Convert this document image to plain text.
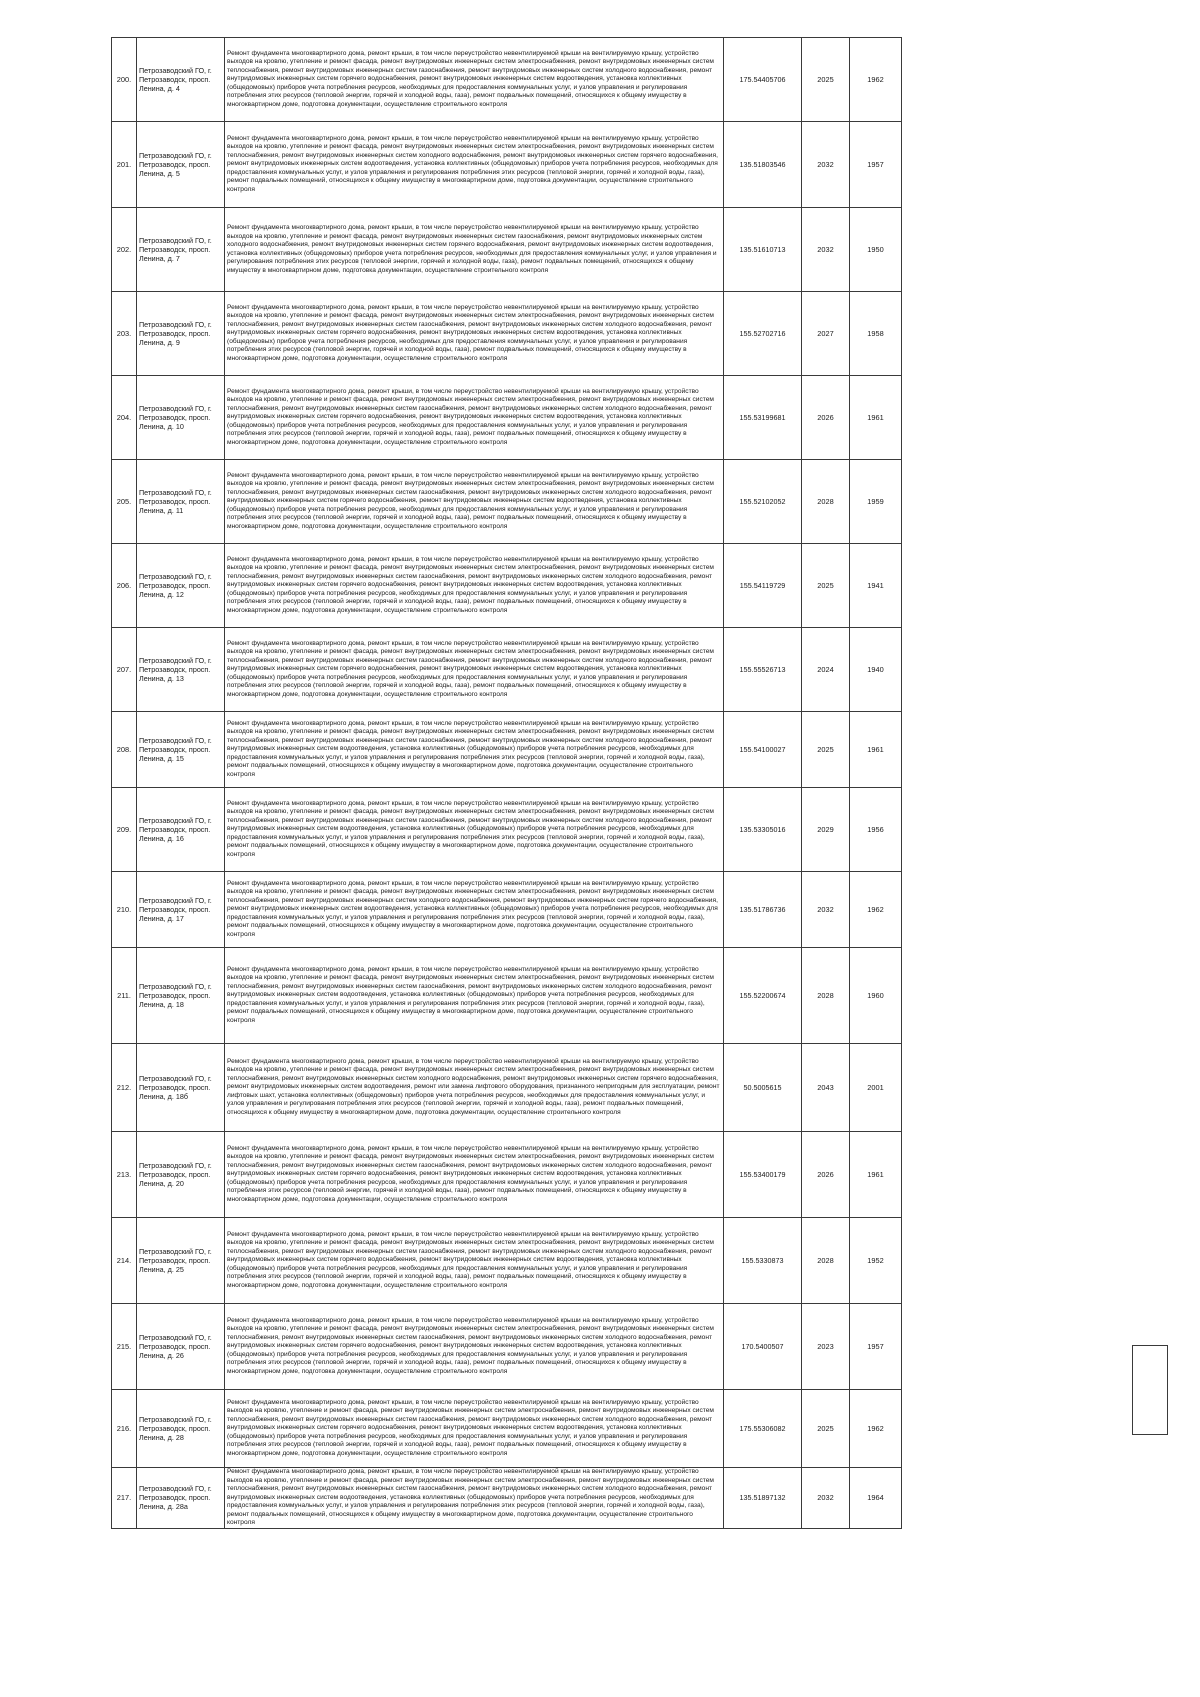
200.	Петрозаводский ГО, г. Петрозаводск, просп. Ленина, д. 4	Ремонт фундамента многоквартирного дома, ремонт крыши, в том числе переустройство невентилируемой крыши на вентилируемую крышу, устройство выходов на кровлю, утепление и ремонт фасада, ремонт внутридомовых инженерных систем электроснабжения, ремонт внутридомовых инженерных систем теплоснабжения, ремонт внутридомовых инженерных систем газоснабжения, ремонт внутридомовых инженерных систем холодного водоснабжения, ремонт внутридомовых инженерных систем горячего водоснабжения, ремонт внутридомовых инженерных систем водоотведения, установка коллективных (общедомовых) приборов учета потребления ресурсов, необходимых для предоставления коммунальных услуг, и узлов управления и регулирования потребления этих ресурсов (тепловой энергии, горячей и холодной воды, газа), ремонт подвальных помещений, относящихся к общему имуществу в многоквартирном доме, подготовка документации, осуществление строительного контроля	175.54405706	2025	1962
201.	Петрозаводский ГО, г. Петрозаводск, просп. Ленина, д. 5	Ремонт фундамента многоквартирного дома, ремонт крыши, в том числе переустройство невентилируемой крыши на вентилируемую крышу, устройство выходов на кровлю, утепление и ремонт фасада, ремонт внутридомовых инженерных систем электроснабжения, ремонт внутридомовых инженерных систем теплоснабжения, ремонт внутридомовых инженерных систем холодного водоснабжения, ремонт внутридомовых инженерных систем горячего водоснабжения, ремонт внутридомовых инженерных систем водоотведения, установка коллективных (общедомовых) приборов учета потребления ресурсов, необходимых для предоставления коммунальных услуг, и узлов управления и регулирования потребления этих ресурсов (тепловой энергии, горячей и холодной воды, газа), ремонт подвальных помещений, относящихся к общему имуществу в многоквартирном доме, подготовка документации, осуществление строительного контроля	135.51803546	2032	1957
202.	Петрозаводский ГО, г. Петрозаводск, просп. Ленина, д. 7	Ремонт фундамента многоквартирного дома, ремонт крыши, в том числе переустройство невентилируемой крыши на вентилируемую крышу, устройство выходов на кровлю, утепление и ремонт фасада, ремонт внутридомовых инженерных систем газоснабжения, ремонт внутридомовых инженерных систем холодного водоснабжения, ремонт внутридомовых инженерных систем горячего водоснабжения, ремонт внутридомовых инженерных систем водоотведения, установка коллективных (общедомовых) приборов учета потребления ресурсов, необходимых для предоставления коммунальных услуг, и узлов управления и регулирования потребления этих ресурсов (тепловой энергии, горячей и холодной воды, газа), ремонт подвальных помещений, относящихся к общему имуществу в многоквартирном доме, подготовка документации, осуществление строительного контроля	135.51610713	2032	1950
203.	Петрозаводский ГО, г. Петрозаводск, просп. Ленина, д. 9	Ремонт фундамента многоквартирного дома, ремонт крыши, в том числе переустройство невентилируемой крыши на вентилируемую крышу, устройство выходов на кровлю, утепление и ремонт фасада, ремонт внутридомовых инженерных систем электроснабжения, ремонт внутридомовых инженерных систем теплоснабжения, ремонт внутридомовых инженерных систем газоснабжения, ремонт внутридомовых инженерных систем холодного водоснабжения, ремонт внутридомовых инженерных систем горячего водоснабжения, ремонт внутридомовых инженерных систем водоотведения, установка коллективных (общедомовых) приборов учета потребления ресурсов, необходимых для предоставления коммунальных услуг, и узлов управления и регулирования потребления этих ресурсов (тепловой энергии, горячей и холодной воды, газа), ремонт подвальных помещений, относящихся к общему имуществу в многоквартирном доме, подготовка документации, осуществление строительного контроля	155.52702716	2027	1958
204.	Петрозаводский ГО, г. Петрозаводск, просп. Ленина, д. 10	Ремонт фундамента многоквартирного дома, ремонт крыши, в том числе переустройство невентилируемой крыши на вентилируемую крышу, устройство выходов на кровлю, утепление и ремонт фасада, ремонт внутридомовых инженерных систем электроснабжения, ремонт внутридомовых инженерных систем теплоснабжения, ремонт внутридомовых инженерных систем газоснабжения, ремонт внутридомовых инженерных систем холодного водоснабжения, ремонт внутридомовых инженерных систем горячего водоснабжения, ремонт внутридомовых инженерных систем водоотведения, установка коллективных (общедомовых) приборов учета потребления ресурсов, необходимых для предоставления коммунальных услуг, и узлов управления и регулирования потребления этих ресурсов (тепловой энергии, горячей и холодной воды, газа), ремонт подвальных помещений, относящихся к общему имуществу в многоквартирном доме, подготовка документации, осуществление строительного контроля	155.53199681	2026	1961
205.	Петрозаводский ГО, г. Петрозаводск, просп. Ленина, д. 11	Ремонт фундамента многоквартирного дома, ремонт крыши, в том числе переустройство невентилируемой крыши на вентилируемую крышу, устройство выходов на кровлю, утепление и ремонт фасада, ремонт внутридомовых инженерных систем электроснабжения, ремонт внутридомовых инженерных систем теплоснабжения, ремонт внутридомовых инженерных систем газоснабжения, ремонт внутридомовых инженерных систем холодного водоснабжения, ремонт внутридомовых инженерных систем горячего водоснабжения, ремонт внутридомовых инженерных систем водоотведения, установка коллективных (общедомовых) приборов учета потребления ресурсов, необходимых для предоставления коммунальных услуг, и узлов управления и регулирования потребления этих ресурсов (тепловой энергии, горячей и холодной воды, газа), ремонт подвальных помещений, относящихся к общему имуществу в многоквартирном доме, подготовка документации, осуществление строительного контроля	155.52102052	2028	1959
206.	Петрозаводский ГО, г. Петрозаводск, просп. Ленина, д. 12	Ремонт фундамента многоквартирного дома, ремонт крыши, в том числе переустройство невентилируемой крыши на вентилируемую крышу, устройство выходов на кровлю, утепление и ремонт фасада, ремонт внутридомовых инженерных систем электроснабжения, ремонт внутридомовых инженерных систем теплоснабжения, ремонт внутридомовых инженерных систем газоснабжения, ремонт внутридомовых инженерных систем холодного водоснабжения, ремонт внутридомовых инженерных систем горячего водоснабжения, ремонт внутридомовых инженерных систем водоотведения, установка коллективных (общедомовых) приборов учета потребления ресурсов, необходимых для предоставления коммунальных услуг, и узлов управления и регулирования потребления этих ресурсов (тепловой энергии, горячей и холодной воды, газа), ремонт подвальных помещений, относящихся к общему имуществу в многоквартирном доме, подготовка документации, осуществление строительного контроля	155.54119729	2025	1941
207.	Петрозаводский ГО, г. Петрозаводск, просп. Ленина, д. 13	Ремонт фундамента многоквартирного дома, ремонт крыши, в том числе переустройство невентилируемой крыши на вентилируемую крышу, устройство выходов на кровлю, утепление и ремонт фасада, ремонт внутридомовых инженерных систем электроснабжения, ремонт внутридомовых инженерных систем теплоснабжения, ремонт внутридомовых инженерных систем газоснабжения, ремонт внутридомовых инженерных систем холодного водоснабжения, ремонт внутридомовых инженерных систем горячего водоснабжения, ремонт внутридомовых инженерных систем водоотведения, установка коллективных (общедомовых) приборов учета потребления ресурсов, необходимых для предоставления коммунальных услуг, и узлов управления и регулирования потребления этих ресурсов (тепловой энергии, горячей и холодной воды, газа), ремонт подвальных помещений, относящихся к общему имуществу в многоквартирном доме, подготовка документации, осуществление строительного контроля	155.55526713	2024	1940
208.	Петрозаводский ГО, г. Петрозаводск, просп. Ленина, д. 15	Ремонт фундамента многоквартирного дома, ремонт крыши, в том числе переустройство невентилируемой крыши на вентилируемую крышу, устройство выходов на кровлю, утепление и ремонт фасада, ремонт внутридомовых инженерных систем электроснабжения, ремонт внутридомовых инженерных систем теплоснабжения, ремонт внутридомовых инженерных систем газоснабжения, ремонт внутридомовых инженерных систем холодного водоснабжения, ремонт внутридомовых инженерных систем водоотведения, установка коллективных (общедомовых) приборов учета потребления ресурсов, необходимых для предоставления коммунальных услуг, и узлов управления и регулирования потребления этих ресурсов (тепловой энергии, горячей и холодной воды, газа), ремонт подвальных помещений, относящихся к общему имуществу в многоквартирном доме, подготовка документации, осуществление строительного контроля	155.54100027	2025	1961
209.	Петрозаводский ГО, г. Петрозаводск, просп. Ленина, д. 16	Ремонт фундамента многоквартирного дома, ремонт крыши, в том числе переустройство невентилируемой крыши на вентилируемую крышу, устройство выходов на кровлю, утепление и ремонт фасада, ремонт внутридомовых инженерных систем электроснабжения, ремонт внутридомовых инженерных систем теплоснабжения, ремонт внутридомовых инженерных систем газоснабжения, ремонт внутридомовых инженерных систем холодного водоснабжения, ремонт внутридомовых инженерных систем водоотведения, установка коллективных (общедомовых) приборов учета потребления ресурсов, необходимых для предоставления коммунальных услуг, и узлов управления и регулирования потребления этих ресурсов (тепловой энергии, горячей и холодной воды, газа), ремонт подвальных помещений, относящихся к общему имуществу в многоквартирном доме, подготовка документации, осуществление строительного контроля	135.53305016	2029	1956
210.	Петрозаводский ГО, г. Петрозаводск, просп. Ленина, д. 17	Ремонт фундамента многоквартирного дома, ремонт крыши, в том числе переустройство невентилируемой крыши на вентилируемую крышу, устройство выходов на кровлю, утепление и ремонт фасада, ремонт внутридомовых инженерных систем электроснабжения, ремонт внутридомовых инженерных систем теплоснабжения, ремонт внутридомовых инженерных систем холодного водоснабжения, ремонт внутридомовых инженерных систем горячего водоснабжения, ремонт внутридомовых инженерных систем водоотведения, установка коллективных (общедомовых) приборов учета потребления ресурсов, необходимых для предоставления коммунальных услуг, и узлов управления и регулирования потребления этих ресурсов (тепловой энергии, горячей и холодной воды, газа), ремонт подвальных помещений, относящихся к общему имуществу в многоквартирном доме, подготовка документации, осуществление строительного контроля	135.51786736	2032	1962
211.	Петрозаводский ГО, г. Петрозаводск, просп. Ленина, д. 18	Ремонт фундамента многоквартирного дома, ремонт крыши, в том числе переустройство невентилируемой крыши на вентилируемую крышу, устройство выходов на кровлю, утепление и ремонт фасада, ремонт внутридомовых инженерных систем электроснабжения, ремонт внутридомовых инженерных систем теплоснабжения, ремонт внутридомовых инженерных систем газоснабжения, ремонт внутридомовых инженерных систем холодного водоснабжения, ремонт внутридомовых инженерных систем водоотведения, установка коллективных (общедомовых) приборов учета потребления ресурсов, необходимых для предоставления коммунальных услуг, и узлов управления и регулирования потребления этих ресурсов (тепловой энергии, горячей и холодной воды, газа), ремонт подвальных помещений, относящихся к общему имуществу в многоквартирном доме, подготовка документации, осуществление строительного контроля	155.52200674	2028	1960
212.	Петрозаводский ГО, г. Петрозаводск, просп. Ленина, д. 18б	Ремонт фундамента многоквартирного дома, ремонт крыши, в том числе переустройство невентилируемой крыши на вентилируемую крышу, устройство выходов на кровлю, утепление и ремонт фасада, ремонт внутридомовых инженерных систем электроснабжения, ремонт внутридомовых инженерных систем теплоснабжения, ремонт внутридомовых инженерных систем холодного водоснабжения, ремонт внутридомовых инженерных систем горячего водоснабжения, ремонт внутридомовых инженерных систем водоотведения, ремонт или замена лифтового оборудования, признанного непригодным для эксплуатации, ремонт лифтовых шахт, установка коллективных (общедомовых) приборов учета потребления ресурсов, необходимых для предоставления коммунальных услуг, и узлов управления и регулирования потребления этих ресурсов (тепловой энергии, горячей и холодной воды, газа), ремонт подвальных помещений, относящихся к общему имуществу в многоквартирном доме, подготовка документации, осуществление строительного контроля	50.5005615	2043	2001
213.	Петрозаводский ГО, г. Петрозаводск, просп. Ленина, д. 20	Ремонт фундамента многоквартирного дома, ремонт крыши, в том числе переустройство невентилируемой крыши на вентилируемую крышу, устройство выходов на кровлю, утепление и ремонт фасада, ремонт внутридомовых инженерных систем электроснабжения, ремонт внутридомовых инженерных систем теплоснабжения, ремонт внутридомовых инженерных систем газоснабжения, ремонт внутридомовых инженерных систем холодного водоснабжения, ремонт внутридомовых инженерных систем горячего водоснабжения, ремонт внутридомовых инженерных систем водоотведения, установка коллективных (общедомовых) приборов учета потребления ресурсов, необходимых для предоставления коммунальных услуг, и узлов управления и регулирования потребления этих ресурсов (тепловой энергии, горячей и холодной воды, газа), ремонт подвальных помещений, относящихся к общему имуществу в многоквартирном доме, подготовка документации, осуществление строительного контроля	155.53400179	2026	1961
214.	Петрозаводский ГО, г. Петрозаводск, просп. Ленина, д. 25	Ремонт фундамента многоквартирного дома, ремонт крыши, в том числе переустройство невентилируемой крыши на вентилируемую крышу, устройство выходов на кровлю, утепление и ремонт фасада, ремонт внутридомовых инженерных систем электроснабжения, ремонт внутридомовых инженерных систем теплоснабжения, ремонт внутридомовых инженерных систем газоснабжения, ремонт внутридомовых инженерных систем холодного водоснабжения, ремонт внутридомовых инженерных систем горячего водоснабжения, ремонт внутридомовых инженерных систем водоотведения, установка коллективных (общедомовых) приборов учета потребления ресурсов, необходимых для предоставления коммунальных услуг, и узлов управления и регулирования потребления этих ресурсов (тепловой энергии, горячей и холодной воды, газа), ремонт подвальных помещений, относящихся к общему имуществу в многоквартирном доме, подготовка документации, осуществление строительного контроля	155.5330873	2028	1952
215.	Петрозаводский ГО, г. Петрозаводск, просп. Ленина, д. 26	Ремонт фундамента многоквартирного дома, ремонт крыши, в том числе переустройство невентилируемой крыши на вентилируемую крышу, устройство выходов на кровлю, утепление и ремонт фасада, ремонт внутридомовых инженерных систем электроснабжения, ремонт внутридомовых инженерных систем теплоснабжения, ремонт внутридомовых инженерных систем газоснабжения, ремонт внутридомовых инженерных систем холодного водоснабжения, ремонт внутридомовых инженерных систем горячего водоснабжения, ремонт внутридомовых инженерных систем водоотведения, установка коллективных (общедомовых) приборов учета потребления ресурсов, необходимых для предоставления коммунальных услуг, и узлов управления и регулирования потребления этих ресурсов (тепловой энергии, горячей и холодной воды, газа), ремонт подвальных помещений, относящихся к общему имуществу в многоквартирном доме, подготовка документации, осуществление строительного контроля	170.5400507	2023	1957
216.	Петрозаводский ГО, г. Петрозаводск, просп. Ленина, д. 28	Ремонт фундамента многоквартирного дома, ремонт крыши, в том числе переустройство невентилируемой крыши на вентилируемую крышу, устройство выходов на кровлю, утепление и ремонт фасада, ремонт внутридомовых инженерных систем электроснабжения, ремонт внутридомовых инженерных систем теплоснабжения, ремонт внутридомовых инженерных систем газоснабжения, ремонт внутридомовых инженерных систем холодного водоснабжения, ремонт внутридомовых инженерных систем горячего водоснабжения, ремонт внутридомовых инженерных систем водоотведения, установка коллективных (общедомовых) приборов учета потребления ресурсов, необходимых для предоставления коммунальных услуг, и узлов управления и регулирования потребления этих ресурсов (тепловой энергии, горячей и холодной воды, газа), ремонт подвальных помещений, относящихся к общему имуществу в многоквартирном доме, подготовка документации, осуществление строительного контроля	175.55306082	2025	1962
217.	Петрозаводский ГО, г. Петрозаводск, просп. Ленина, д. 28а	Ремонт фундамента многоквартирного дома, ремонт крыши, в том числе переустройство невентилируемой крыши на вентилируемую крышу, устройство выходов на кровлю, утепление и ремонт фасада, ремонт внутридомовых инженерных систем электроснабжения, ремонт внутридомовых инженерных систем теплоснабжения, ремонт внутридомовых инженерных систем газоснабжения, ремонт внутридомовых инженерных систем холодного водоснабжения, ремонт внутридомовых инженерных систем водоотведения, установка коллективных (общедомовых) приборов учета потребления ресурсов, необходимых для предоставления коммунальных услуг, и узлов управления и регулирования потребления этих ресурсов (тепловой энергии, горячей и холодной воды, газа), ремонт подвальных помещений, относящихся к общему имуществу в многоквартирном доме, подготовка документации, осуществление строительного контроля	135.51897132	2032	1964
